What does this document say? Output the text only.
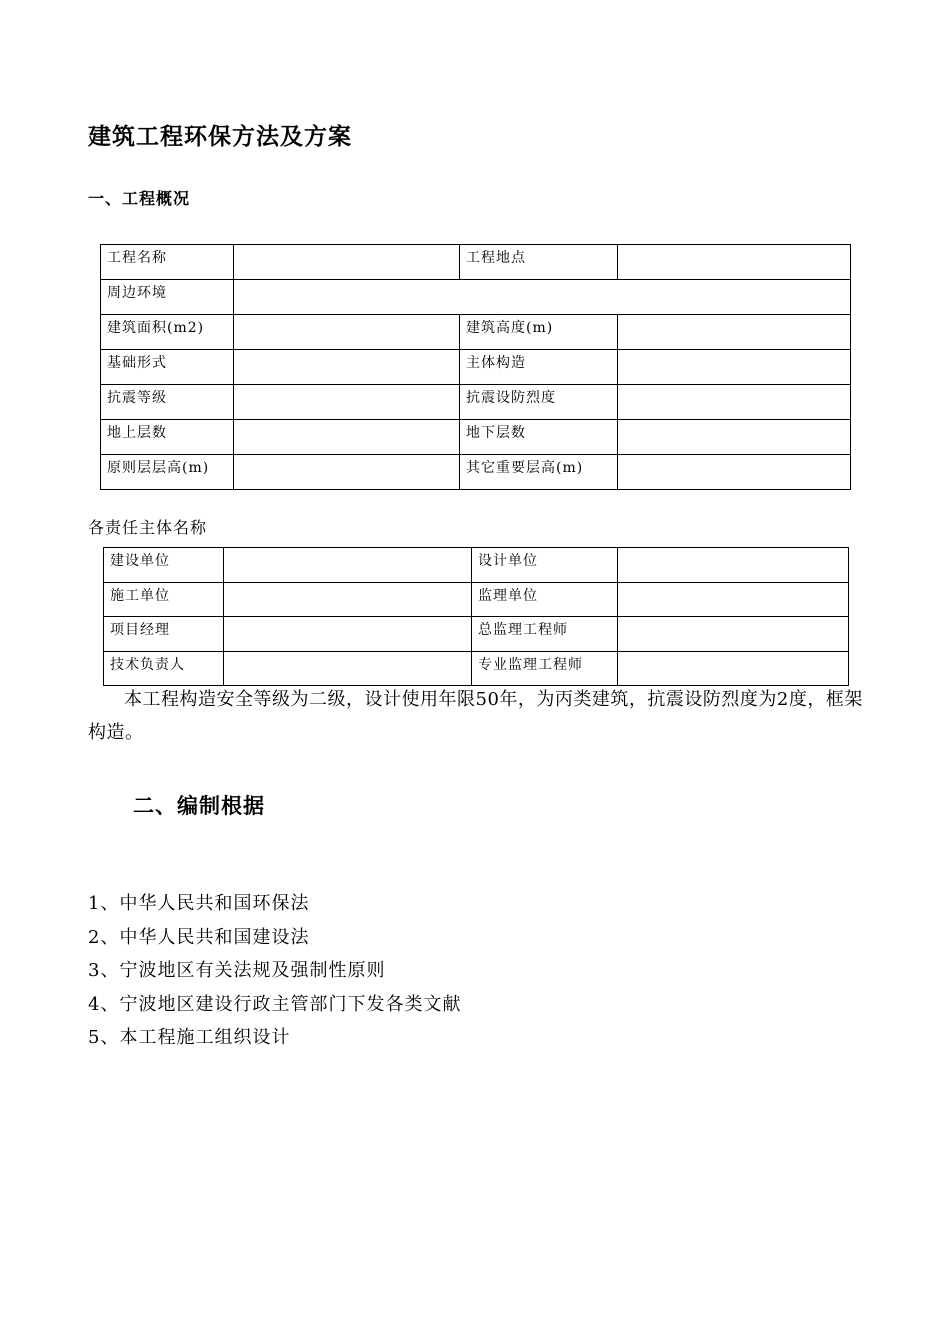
建筑工程环保方法及方案
一、工程概况
工程名称		工程地点	
周边环境			
建筑面积(m2)		建筑高度(m)	
基础形式		主体构造	
抗震等级		抗震设防烈度	
地上层数		地下层数	
原则层层高(m)		其它重要层高(m)	
各责任主体名称
建设单位		设计单位	
施工单位		监理单位	
项目经理		总监理工程师	
技术负责人		专业监理工程师	
本工程构造安全等级为二级，设计使用年限50年，为丙类建筑，抗震设防烈度为2度，框架构造。
二、编制根据
1、中华人民共和国环保法
2、中华人民共和国建设法
3、宁波地区有关法规及强制性原则
4、宁波地区建设行政主管部门下发各类文献
5、本工程施工组织设计
